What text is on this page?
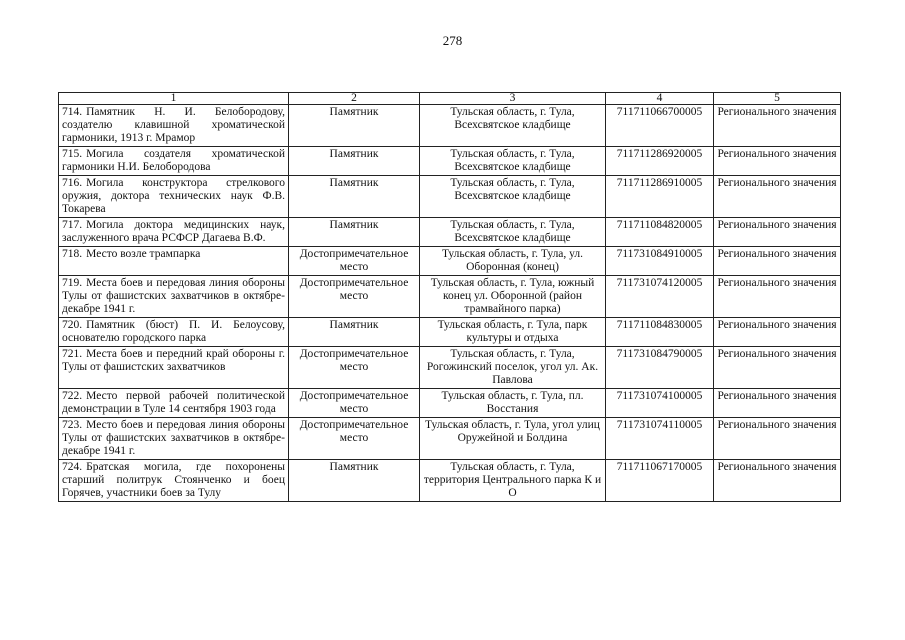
278
1	2	3	4	5
714. Памятник Н. И. Белобородову, создателю клавишной хроматической гармоники, 1913 г. Мрамор	Памятник	Тульская область, г. Тула, Всехсвятское кладбище	711711066700005	Регионального значения
715. Могила создателя хроматической гармоники Н.И. Белобородова	Памятник	Тульская область, г. Тула, Всехсвятское кладбище	711711286920005	Регионального значения
716. Могила конструктора стрелкового оружия, доктора технических наук Ф.В. Токарева	Памятник	Тульская область, г. Тула, Всехсвятское кладбище	711711286910005	Регионального значения
717. Могила доктора медицинских наук, заслуженного врача РСФСР Дагаева В.Ф.	Памятник	Тульская область, г. Тула, Всехсвятское кладбище	711711084820005	Регионального значения
718. Место возле трампарка	Достопримечательное место	Тульская область, г. Тула, ул. Оборонная (конец)	711731084910005	Регионального значения
719. Места боев и передовая линия обороны Тулы от фашистских захватчиков в октябре-декабре 1941 г.	Достопримечательное место	Тульская область, г. Тула, южный конец ул. Оборонной (район трамвайного парка)	711731074120005	Регионального значения
720. Памятник (бюст) П. И. Белоусову, основателю городского парка	Памятник	Тульская область, г. Тула, парк культуры и отдыха	711711084830005	Регионального значения
721. Места боев и передний край обороны г. Тулы от фашистских захватчиков	Достопримечательное место	Тульская область, г. Тула, Рогожинский поселок, угол ул. Ак. Павлова	711731084790005	Регионального значения
722. Место первой рабочей политической демонстрации в Туле 14 сентября 1903 года	Достопримечательное место	Тульская область, г. Тула, пл. Восстания	711731074100005	Регионального значения
723. Место боев и передовая линия обороны Тулы от фашистских захватчиков в октябре-декабре 1941 г.	Достопримечательное место	Тульская область, г. Тула, угол улиц Оружейной и Болдина	711731074110005	Регионального значения
724. Братская могила, где похоронены старший политрук Стоянченко и боец Горячев, участники боев за Тулу	Памятник	Тульская область, г. Тула, территория Центрального парка К и О	711711067170005	Регионального значения
